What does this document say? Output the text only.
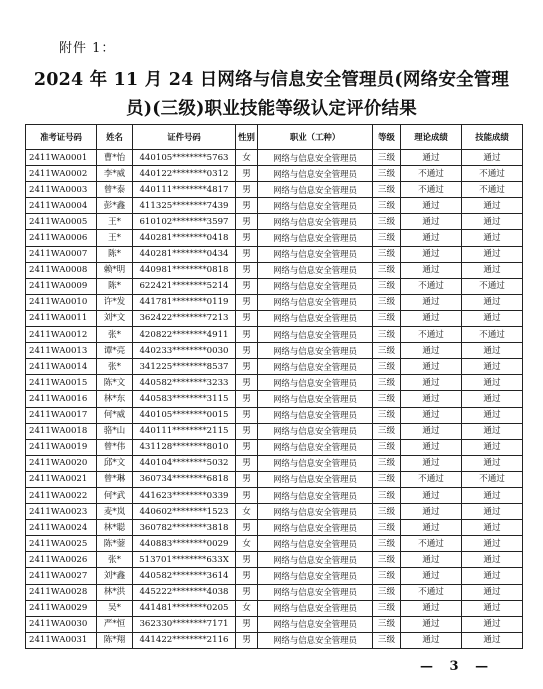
附件 1：
2024 年 11 月 24 日网络与信息安全管理员(网络安全管理
员)(三级)职业技能等级认定评价结果
准考证号码	姓名	证件号码	性别	职业（工种）	等级	理论成绩	技能成绩
2411WA0001	曹*怡	440105********5763	女	网络与信息安全管理员	三级	通过	通过
2411WA0002	李*威	440122********0312	男	网络与信息安全管理员	三级	不通过	不通过
2411WA0003	曾*泰	440111********4817	男	网络与信息安全管理员	三级	不通过	不通过
2411WA0004	彭*鑫	411325********7439	男	网络与信息安全管理员	三级	通过	通过
2411WA0005	王*	610102********3597	男	网络与信息安全管理员	三级	通过	通过
2411WA0006	王*	440281********0418	男	网络与信息安全管理员	三级	通过	通过
2411WA0007	陈*	440281********0434	男	网络与信息安全管理员	三级	通过	通过
2411WA0008	赖*明	440981********0818	男	网络与信息安全管理员	三级	通过	通过
2411WA0009	陈*	622421********5214	男	网络与信息安全管理员	三级	不通过	不通过
2411WA0010	许*发	441781********0119	男	网络与信息安全管理员	三级	通过	通过
2411WA0011	刘*文	362422********7213	男	网络与信息安全管理员	三级	通过	通过
2411WA0012	张*	420822********4911	男	网络与信息安全管理员	三级	不通过	不通过
2411WA0013	谭*亮	440233********0030	男	网络与信息安全管理员	三级	通过	通过
2411WA0014	张*	341225********8537	男	网络与信息安全管理员	三级	通过	通过
2411WA0015	陈*文	440582********3233	男	网络与信息安全管理员	三级	通过	通过
2411WA0016	林*东	440583********3115	男	网络与信息安全管理员	三级	通过	通过
2411WA0017	何*威	440105********0015	男	网络与信息安全管理员	三级	通过	通过
2411WA0018	骆*山	440111********2115	男	网络与信息安全管理员	三级	通过	通过
2411WA0019	曾*伟	431128********8010	男	网络与信息安全管理员	三级	通过	通过
2411WA0020	邱*文	440104********5032	男	网络与信息安全管理员	三级	通过	通过
2411WA0021	曾*琳	360734********6818	男	网络与信息安全管理员	三级	不通过	不通过
2411WA0022	何*武	441623********0339	男	网络与信息安全管理员	三级	通过	通过
2411WA0023	麦*岚	440602********1523	女	网络与信息安全管理员	三级	通过	通过
2411WA0024	林*聪	360782********3818	男	网络与信息安全管理员	三级	通过	通过
2411WA0025	陈*蓥	440883********0029	女	网络与信息安全管理员	三级	不通过	通过
2411WA0026	张*	513701********633X	男	网络与信息安全管理员	三级	通过	通过
2411WA0027	刘*鑫	440582********3614	男	网络与信息安全管理员	三级	通过	通过
2411WA0028	林*洪	445222********4038	男	网络与信息安全管理员	三级	不通过	通过
2411WA0029	吴*	441481********0205	女	网络与信息安全管理员	三级	通过	通过
2411WA0030	严*恒	362330********7171	男	网络与信息安全管理员	三级	通过	通过
2411WA0031	陈*翔	441422********2116	男	网络与信息安全管理员	三级	通过	通过
— 3 —
